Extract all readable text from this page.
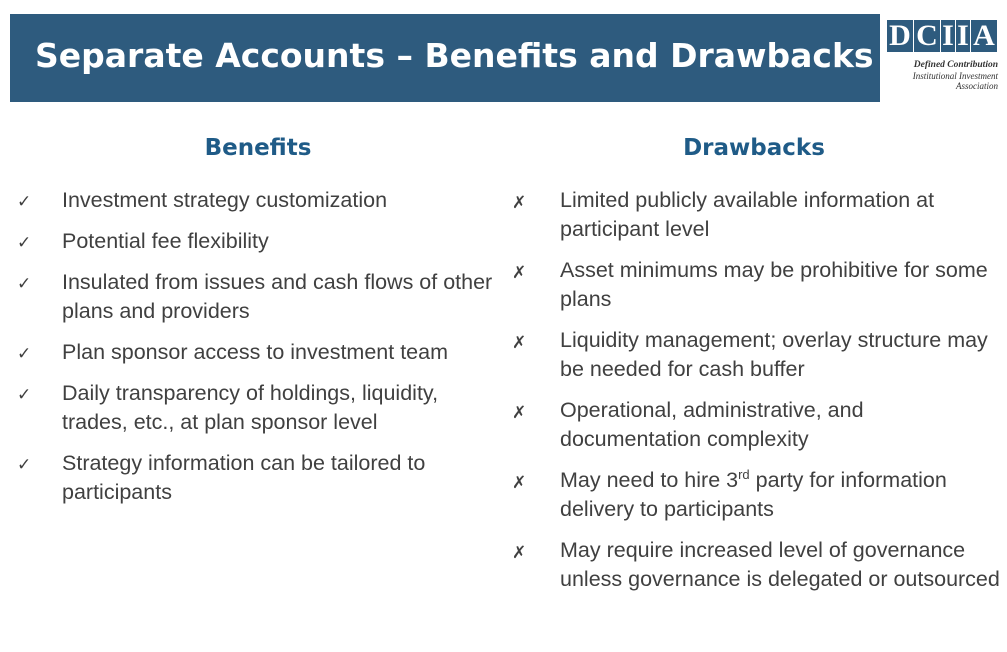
Separate Accounts – Benefits and Drawbacks
D C I I A
Defined Contribution
Institutional Investment
Association
Benefits	Drawbacks
✓ Investment strategy customization
✓ Potential fee flexibility
✓ Insulated from issues and cash flows of other plans and providers
✓ Plan sponsor access to investment team
✓ Daily transparency of holdings, liquidity, trades, etc., at plan sponsor level
✓ Strategy information can be tailored to participants
✗ Limited publicly available information at participant level
✗ Asset minimums may be prohibitive for some plans
✗ Liquidity management; overlay structure may be needed for cash buffer
✗ Operational, administrative, and documentation complexity
✗ May need to hire 3rd party for information delivery to participants
✗ May require increased level of governance unless governance is delegated or outsourced
